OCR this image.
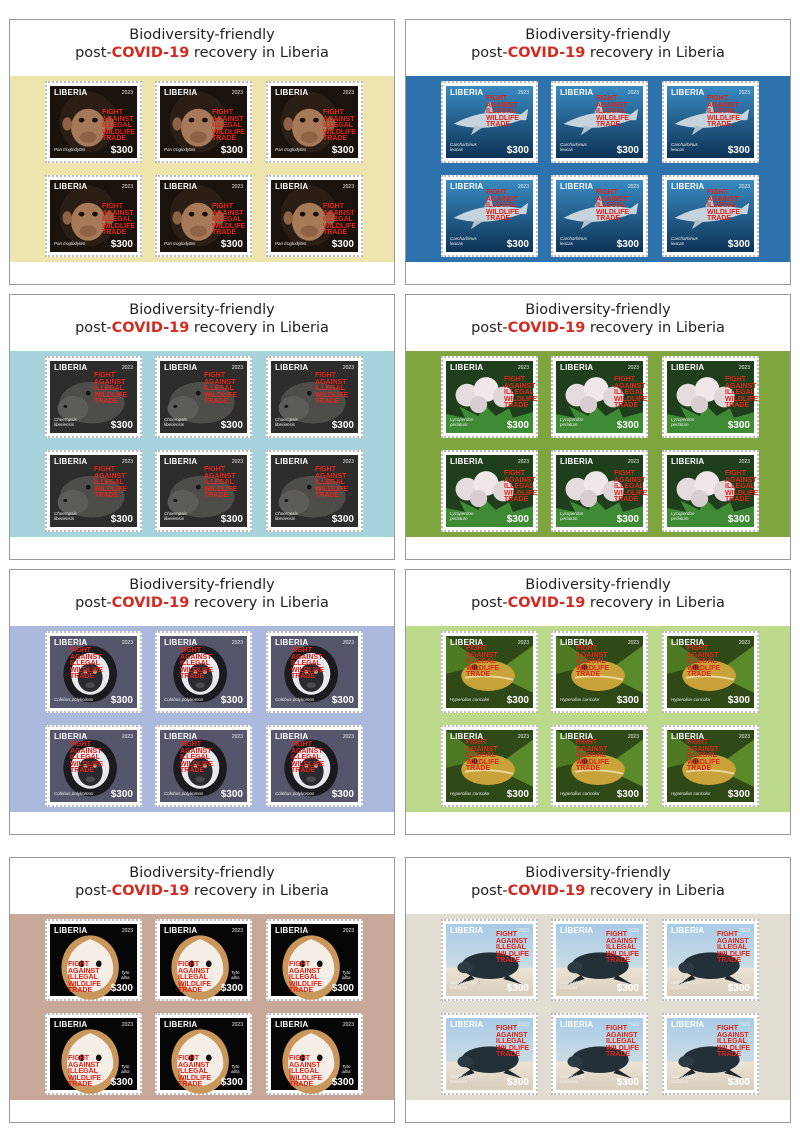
Biodiversity-friendly
post-COVID-19 recovery in Liberia
LIBERIA	2023
FIGHT
AGAINST
ILLEGAL
WILDLIFE
TRADE
Pan troglodytes	$300
LIBERIA	2023
FIGHT
AGAINST
ILLEGAL
WILDLIFE
TRADE
Pan troglodytes	$300
LIBERIA	2023
FIGHT
AGAINST
ILLEGAL
WILDLIFE
TRADE
Pan troglodytes	$300
LIBERIA	2023
FIGHT
AGAINST
ILLEGAL
WILDLIFE
TRADE
Pan troglodytes	$300
LIBERIA	2023
FIGHT
AGAINST
ILLEGAL
WILDLIFE
TRADE
Pan troglodytes	$300
LIBERIA	2023
FIGHT
AGAINST
ILLEGAL
WILDLIFE
TRADE
Pan troglodytes	$300
Biodiversity-friendly
post-COVID-19 recovery in Liberia
LIBERIA	2023
FIGHT
AGAINST
ILLEGAL
WILDLIFE
TRADE
Carcharhinus leucas	$300
LIBERIA	2023
FIGHT
AGAINST
ILLEGAL
WILDLIFE
TRADE
Carcharhinus leucas	$300
LIBERIA	2023
FIGHT
AGAINST
ILLEGAL
WILDLIFE
TRADE
Carcharhinus leucas	$300
LIBERIA	2023
FIGHT
AGAINST
ILLEGAL
WILDLIFE
TRADE
Carcharhinus leucas	$300
LIBERIA	2023
FIGHT
AGAINST
ILLEGAL
WILDLIFE
TRADE
Carcharhinus leucas	$300
LIBERIA	2023
FIGHT
AGAINST
ILLEGAL
WILDLIFE
TRADE
Carcharhinus leucas	$300
Biodiversity-friendly
post-COVID-19 recovery in Liberia
LIBERIA	2023
FIGHT
AGAINST
ILLEGAL
WILDLIFE
TRADE
Choeropsis liberiensis	$300
LIBERIA	2023
FIGHT
AGAINST
ILLEGAL
WILDLIFE
TRADE
Choeropsis liberiensis	$300
LIBERIA	2023
FIGHT
AGAINST
ILLEGAL
WILDLIFE
TRADE
Choeropsis liberiensis	$300
LIBERIA	2023
FIGHT
AGAINST
ILLEGAL
WILDLIFE
TRADE
Choeropsis liberiensis	$300
LIBERIA	2023
FIGHT
AGAINST
ILLEGAL
WILDLIFE
TRADE
Choeropsis liberiensis	$300
LIBERIA	2023
FIGHT
AGAINST
ILLEGAL
WILDLIFE
TRADE
Choeropsis liberiensis	$300
Biodiversity-friendly
post-COVID-19 recovery in Liberia
LIBERIA	2023
FIGHT
AGAINST
ILLEGAL
WILDLIFE
TRADE
Lycoperdon perlatum	$300
LIBERIA	2023
FIGHT
AGAINST
ILLEGAL
WILDLIFE
TRADE
Lycoperdon perlatum	$300
LIBERIA	2023
FIGHT
AGAINST
ILLEGAL
WILDLIFE
TRADE
Lycoperdon perlatum	$300
LIBERIA	2023
FIGHT
AGAINST
ILLEGAL
WILDLIFE
TRADE
Lycoperdon perlatum	$300
LIBERIA	2023
FIGHT
AGAINST
ILLEGAL
WILDLIFE
TRADE
Lycoperdon perlatum	$300
LIBERIA	2023
FIGHT
AGAINST
ILLEGAL
WILDLIFE
TRADE
Lycoperdon perlatum	$300
Biodiversity-friendly
post-COVID-19 recovery in Liberia
LIBERIA	2023
FIGHT
AGAINST
ILLEGAL
WILDLIFE
TRADE
Colobus polykomos $300
LIBERIA	2023
FIGHT
AGAINST
ILLEGAL
WILDLIFE
TRADE
Colobus polykomos $300
LIBERIA	2023
FIGHT
AGAINST
ILLEGAL
WILDLIFE
TRADE
Colobus polykomos $300
LIBERIA	2023
FIGHT
AGAINST
ILLEGAL
WILDLIFE
TRADE
Colobus polykomos $300
LIBERIA	2023
FIGHT
AGAINST
ILLEGAL
WILDLIFE
TRADE
Colobus polykomos $300
LIBERIA	2023
FIGHT
AGAINST
ILLEGAL
WILDLIFE
TRADE
Colobus polykomos $300
Biodiversity-friendly
post-COVID-19 recovery in Liberia
LIBERIA	2023
FIGHT
AGAINST
ILLEGAL
WILDLIFE
TRADE
Hyperolius concolor $300
LIBERIA	2023
FIGHT
AGAINST
ILLEGAL
WILDLIFE
TRADE
Hyperolius concolor $300
LIBERIA	2023
FIGHT
AGAINST
ILLEGAL
WILDLIFE
TRADE
Hyperolius concolor $300
LIBERIA	2023
FIGHT
AGAINST
ILLEGAL
WILDLIFE
TRADE
Hyperolius concolor $300
LIBERIA	2023
FIGHT
AGAINST
ILLEGAL
WILDLIFE
TRADE
Hyperolius concolor $300
LIBERIA	2023
FIGHT
AGAINST
ILLEGAL
WILDLIFE
TRADE
Hyperolius concolor $300
Biodiversity-friendly
post-COVID-19 recovery in Liberia
LIBERIA	2023
FIGHT
AGAINST
ILLEGAL
WILDLIFE
TRADE
Tyto alba
$300
LIBERIA	2023
FIGHT
AGAINST
ILLEGAL
WILDLIFE
TRADE
Tyto alba
$300
LIBERIA	2023
FIGHT
AGAINST
ILLEGAL
WILDLIFE
TRADE
Tyto alba
$300
LIBERIA	2023
FIGHT
AGAINST
ILLEGAL
WILDLIFE
TRADE
Tyto alba
$300
LIBERIA	2023
FIGHT
AGAINST
ILLEGAL
WILDLIFE
TRADE
Tyto alba
$300
LIBERIA	2023
FIGHT
AGAINST
ILLEGAL
WILDLIFE
TRADE
Tyto alba
$300
Biodiversity-friendly
post-COVID-19 recovery in Liberia
LIBERIA	2023
FIGHT
AGAINST
ILLEGAL
WILDLIFE
TRADE
Dermochelys coriacea	$300
LIBERIA	2023
FIGHT
AGAINST
ILLEGAL
WILDLIFE
TRADE
Dermochelys coriacea	$300
LIBERIA	2023
FIGHT
AGAINST
ILLEGAL
WILDLIFE
TRADE
Dermochelys coriacea	$300
LIBERIA	2023
FIGHT
AGAINST
ILLEGAL
WILDLIFE
TRADE
Dermochelys coriacea	$300
LIBERIA	2023
FIGHT
AGAINST
ILLEGAL
WILDLIFE
TRADE
Dermochelys coriacea	$300
LIBERIA	2023
FIGHT
AGAINST
ILLEGAL
WILDLIFE
TRADE
Dermochelys coriacea	$300
